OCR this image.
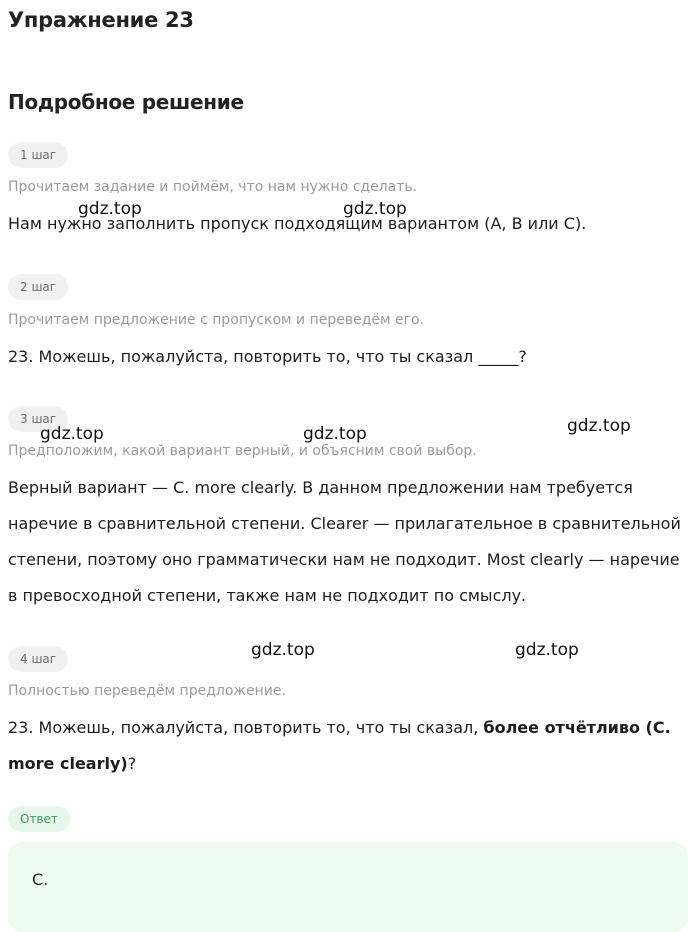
Упражнение 23
Подробное решение
1 шаг
Прочитаем задание и поймём, что нам нужно сделать.
Нам нужно заполнить пропуск подходящим вариантом (A, B или C).
2 шаг
Прочитаем предложение с пропуском и переведём его.
23. Можешь, пожалуйста, повторить то, что ты сказал _____?
3 шаг
Предположим, какой вариант верный, и объясним свой выбор.
Верный вариант — C. more clearly. В данном предложении нам требуется наречие в сравнительной степени. Clearer — прилагательное в сравнительной степени, поэтому оно грамматически нам не подходит. Most clearly — наречие в превосходной степени, также нам не подходит по смыслу.
4 шаг
Полностью переведём предложение.
23. Можешь, пожалуйста, повторить то, что ты сказал, более отчётливо (C. more clearly)?
Ответ
C.
gdz.top	gdz.top
gdz.top	gdz.top	gdz.top
gdz.top	gdz.top
